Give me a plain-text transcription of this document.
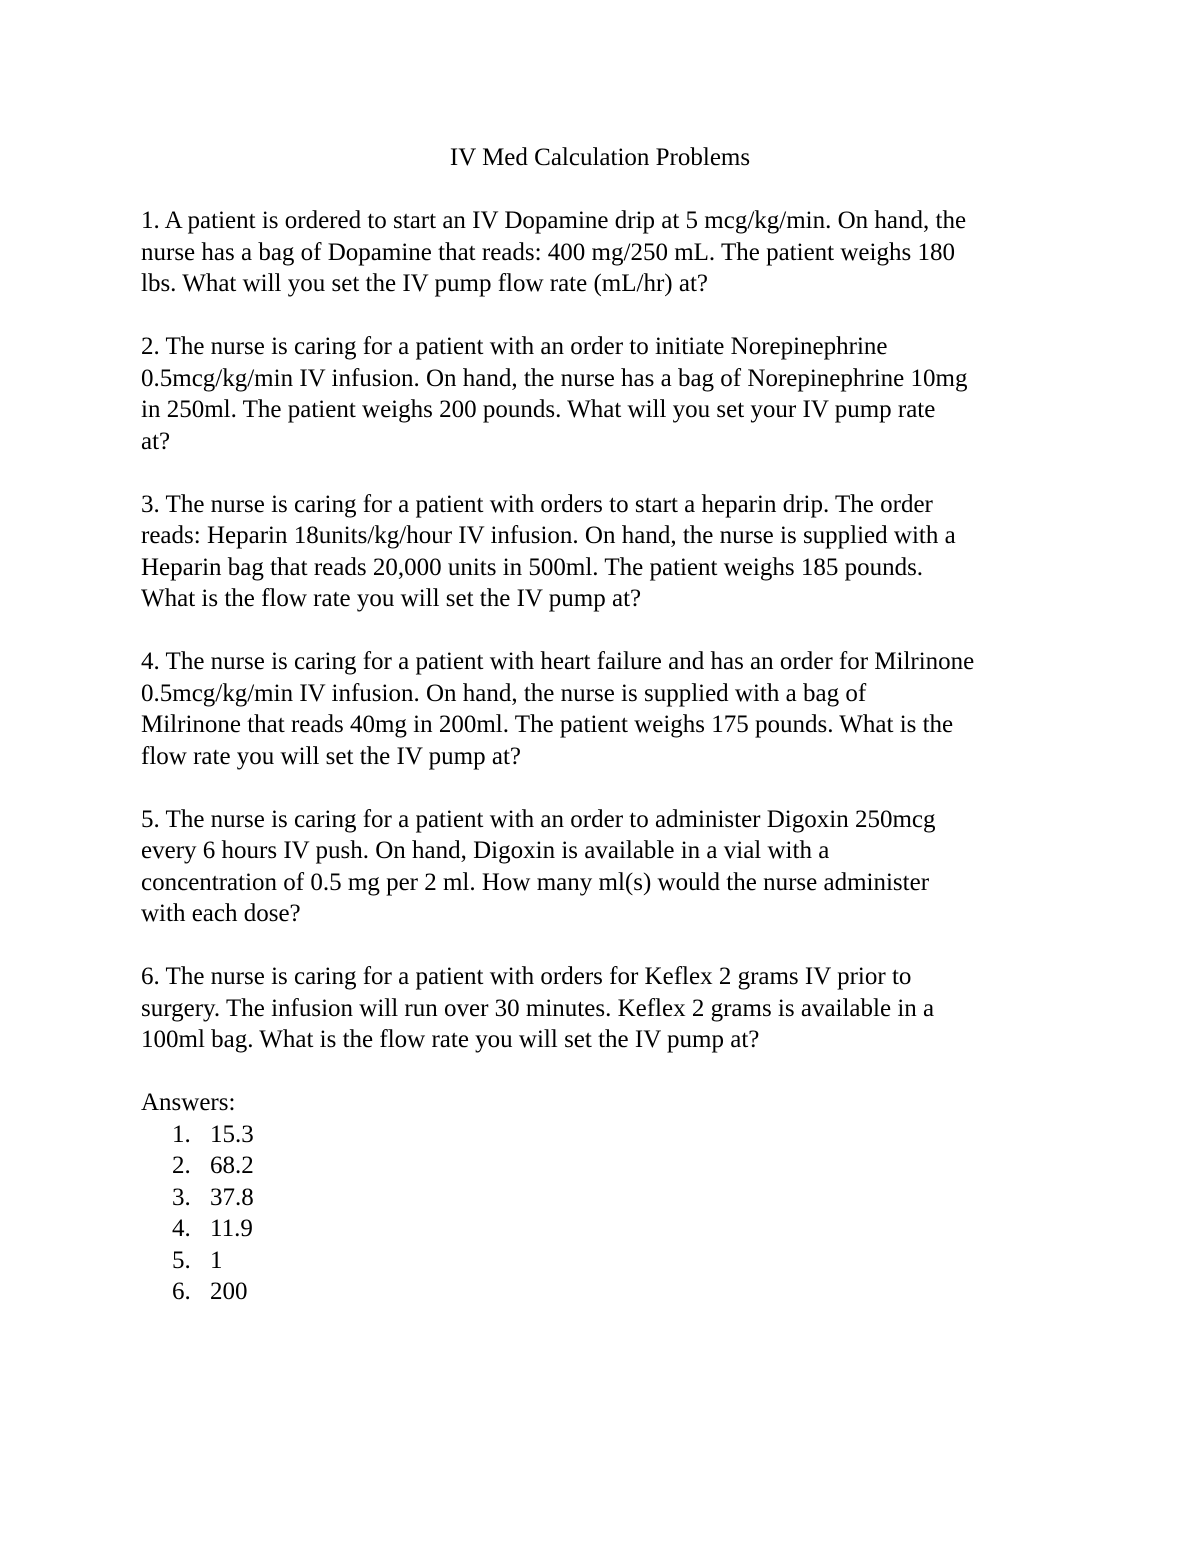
IV Med Calculation Problems
1. A patient is ordered to start an IV Dopamine drip at 5 mcg/kg/min. On hand, the
nurse has a bag of Dopamine that reads: 400 mg/250 mL. The patient weighs 180
lbs. What will you set the IV pump flow rate (mL/hr) at?
2. The nurse is caring for a patient with an order to initiate Norepinephrine
0.5mcg/kg/min IV infusion. On hand, the nurse has a bag of Norepinephrine 10mg
in 250ml. The patient weighs 200 pounds. What will you set your IV pump rate
at?
3. The nurse is caring for a patient with orders to start a heparin drip. The order
reads: Heparin 18units/kg/hour IV infusion. On hand, the nurse is supplied with a
Heparin bag that reads 20,000 units in 500ml. The patient weighs 185 pounds.
What is the flow rate you will set the IV pump at?
4. The nurse is caring for a patient with heart failure and has an order for Milrinone
0.5mcg/kg/min IV infusion. On hand, the nurse is supplied with a bag of
Milrinone that reads 40mg in 200ml. The patient weighs 175 pounds. What is the
flow rate you will set the IV pump at?
5. The nurse is caring for a patient with an order to administer Digoxin 250mcg
every 6 hours IV push. On hand, Digoxin is available in a vial with a
concentration of 0.5 mg per 2 ml. How many ml(s) would the nurse administer
with each dose?
6. The nurse is caring for a patient with orders for Keflex 2 grams IV prior to
surgery. The infusion will run over 30 minutes. Keflex 2 grams is available in a
100ml bag. What is the flow rate you will set the IV pump at?

Answers:

1. 15.3
2. 68.2
3. 37.8
4. 11.9
5. 1
6. 200
